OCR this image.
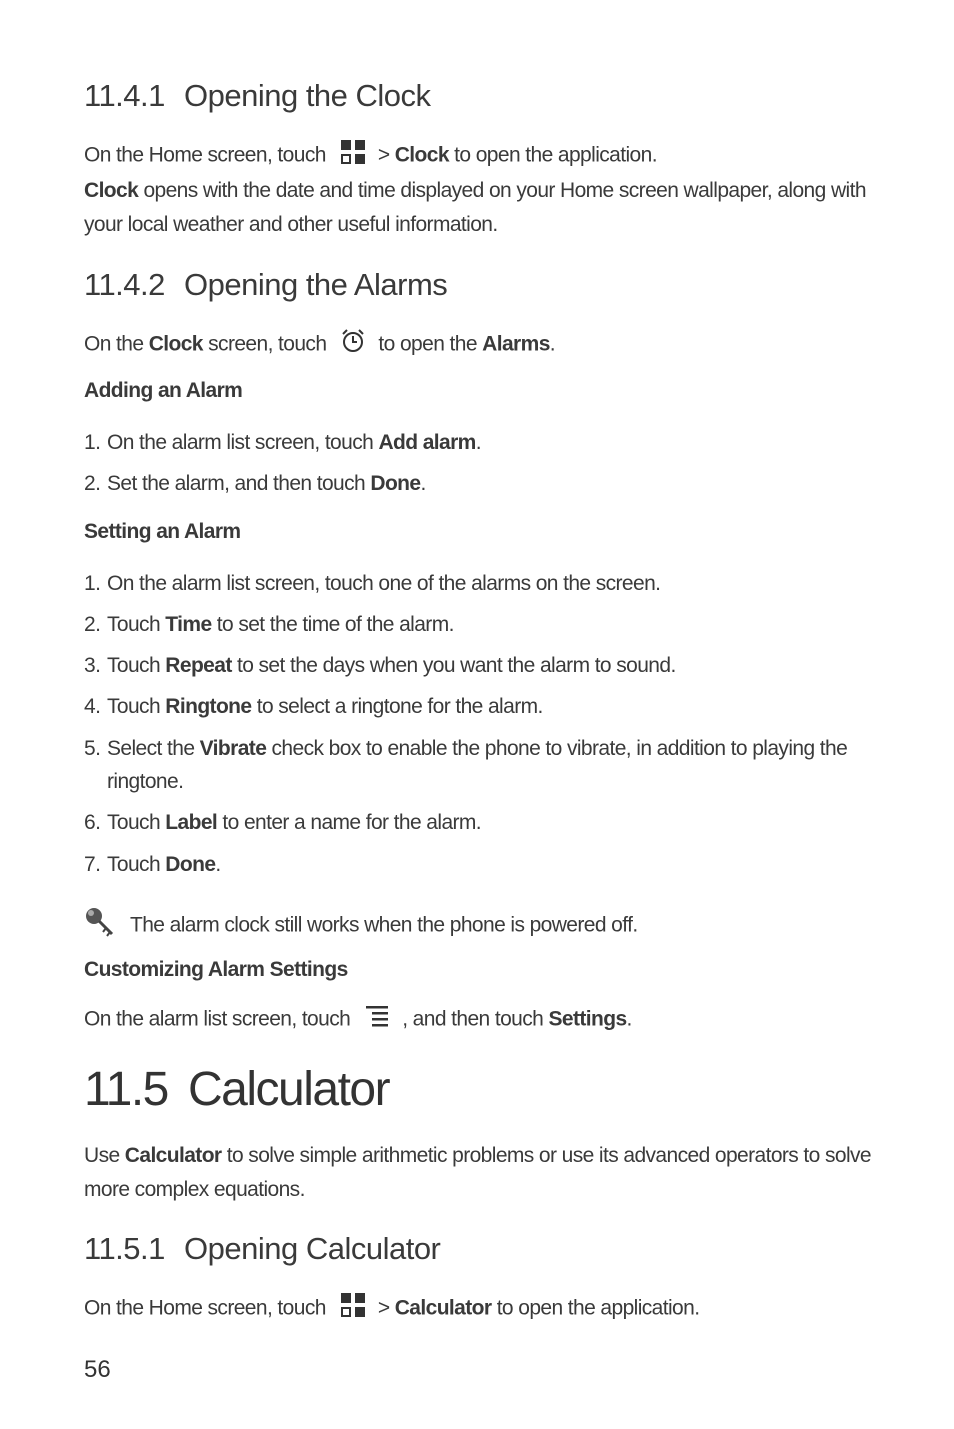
11.4.1 Opening the Clock

On the Home screen, touch > Clock to open the application.

Clock opens with the date and time displayed on your Home screen wallpaper, along with your local weather and other useful information.

11.4.2 Opening the Alarms

On the Clock screen, touch to open the Alarms.

Adding an Alarm

1. On the alarm list screen, touch Add alarm.

2. Set the alarm, and then touch Done.

Setting an Alarm

1. On the alarm list screen, touch one of the alarms on the screen.

2. Touch Time to set the time of the alarm.

3. Touch Repeat to set the days when you want the alarm to sound.

4. Touch Ringtone to select a ringtone for the alarm.

5. Select the Vibrate check box to enable the phone to vibrate, in addition to playing the ringtone.

6. Touch Label to enter a name for the alarm.

7. Touch Done.

The alarm clock still works when the phone is powered off.

Customizing Alarm Settings

On the alarm list screen, touch , and then touch Settings.

11.5 Calculator

Use Calculator to solve simple arithmetic problems or use its advanced operators to solve more complex equations.

11.5.1 Opening Calculator

On the Home screen, touch > Calculator to open the application.

56
